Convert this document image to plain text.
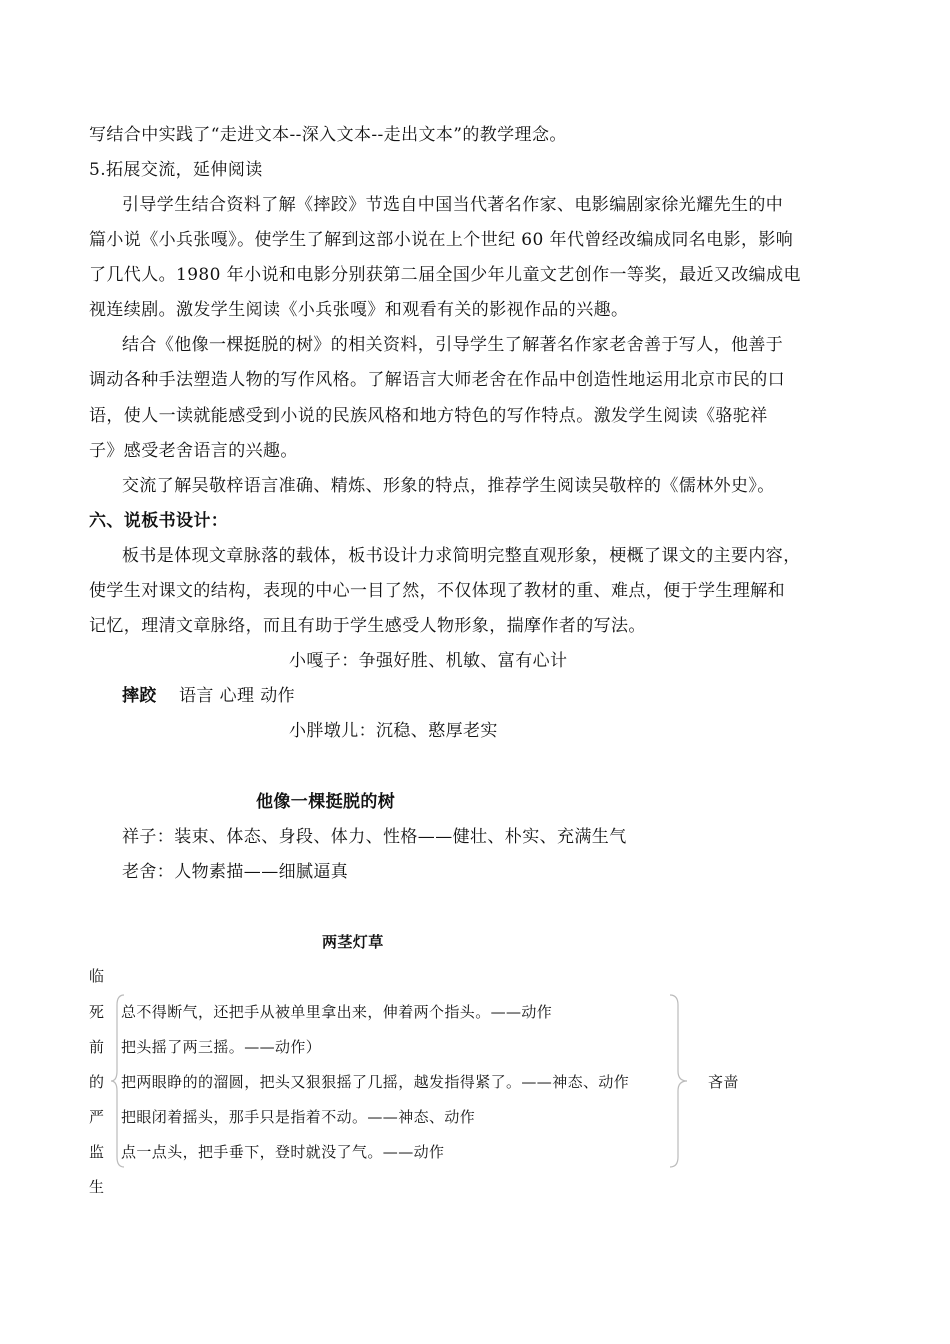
写结合中实践了“走进文本--深入文本--走出文本”的教学理念。
5.拓展交流，延伸阅读
引导学生结合资料了解《摔跤》节选自中国当代著名作家、电影编剧家徐光耀先生的中
篇小说《小兵张嘎》。使学生了解到这部小说在上个世纪 60 年代曾经改编成同名电影，影响
了几代人。1980 年小说和电影分别获第二届全国少年儿童文艺创作一等奖，最近又改编成电
视连续剧。激发学生阅读《小兵张嘎》和观看有关的影视作品的兴趣。
结合《他像一棵挺脱的树》的相关资料，引导学生了解著名作家老舍善于写人，他善于
调动各种手法塑造人物的写作风格。了解语言大师老舍在作品中创造性地运用北京市民的口
语，使人一读就能感受到小说的民族风格和地方特色的写作特点。激发学生阅读《骆驼祥
子》感受老舍语言的兴趣。
交流了解吴敬梓语言准确、精炼、形象的特点，推荐学生阅读吴敬梓的《儒林外史》。
六、说板书设计：
板书是体现文章脉落的载体，板书设计力求简明完整直观形象，梗概了课文的主要内容，
使学生对课文的结构，表现的中心一目了然，不仅体现了教材的重、难点，便于学生理解和
记忆，理清文章脉络，而且有助于学生感受人物形象，揣摩作者的写法。
小嘎子：争强好胜、机敏、富有心计
摔跤 语言 心理 动作
小胖墩儿：沉稳、憨厚老实
他像一棵挺脱的树
祥子：装束、体态、身段、体力、性格——健壮、朴实、充满生气
老舍：人物素描——细腻逼真
两茎灯草
临
死
前
的
严
监
生
总不得断气，还把手从被单里拿出来，伸着两个指头。——动作
把头摇了两三摇。——动作）
把两眼睁的的溜圆，把头又狠狠摇了几摇，越发指得紧了。——神态、动作
把眼闭着摇头，那手只是指着不动。——神态、动作
点一点头，把手垂下，登时就没了气。——动作
吝啬
